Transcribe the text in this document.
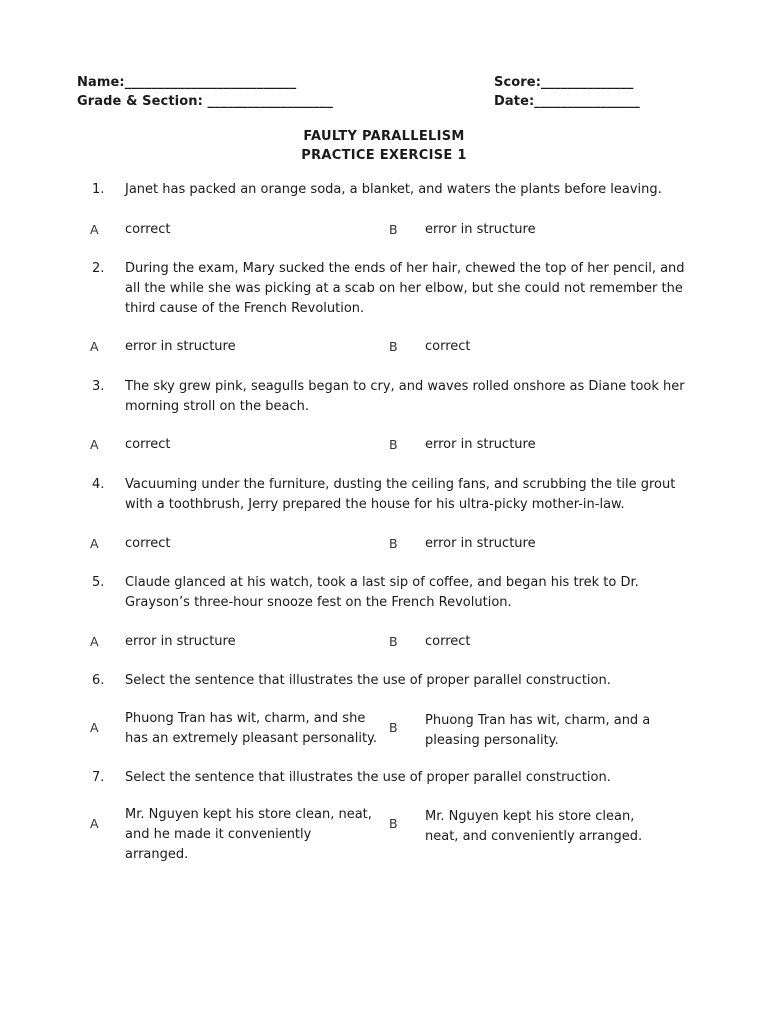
Name:__________________________	Score:______________
Grade & Section: ___________________	Date:________________
FAULTY PARALLELISM
PRACTICE EXERCISE 1
1. Janet has packed an orange soda, a blanket, and waters the plants before leaving.
A correct	B error in structure
2. During the exam, Mary sucked the ends of her hair, chewed the top of her pencil, and all the while she was picking at a scab on her elbow, but she could not remember the third cause of the French Revolution.
A error in structure	B correct
3. The sky grew pink, seagulls began to cry, and waves rolled onshore as Diane took her morning stroll on the beach.
A correct	B error in structure
4. Vacuuming under the furniture, dusting the ceiling fans, and scrubbing the tile grout with a toothbrush, Jerry prepared the house for his ultra-picky mother-in-law.
A correct	B error in structure
5. Claude glanced at his watch, took a last sip of coffee, and began his trek to Dr. Grayson’s three-hour snooze fest on the French Revolution.
A error in structure	B correct
6. Select the sentence that illustrates the use of proper parallel construction.
A
Phuong Tran has wit, charm, and she has an extremely pleasant personality.
B Phuong Tran has wit, charm, and a pleasing personality.
7. Select the sentence that illustrates the use of proper parallel construction.
A
Mr. Nguyen kept his store clean, neat, and he made it conveniently arranged.
B Mr. Nguyen kept his store clean, neat, and conveniently arranged.
